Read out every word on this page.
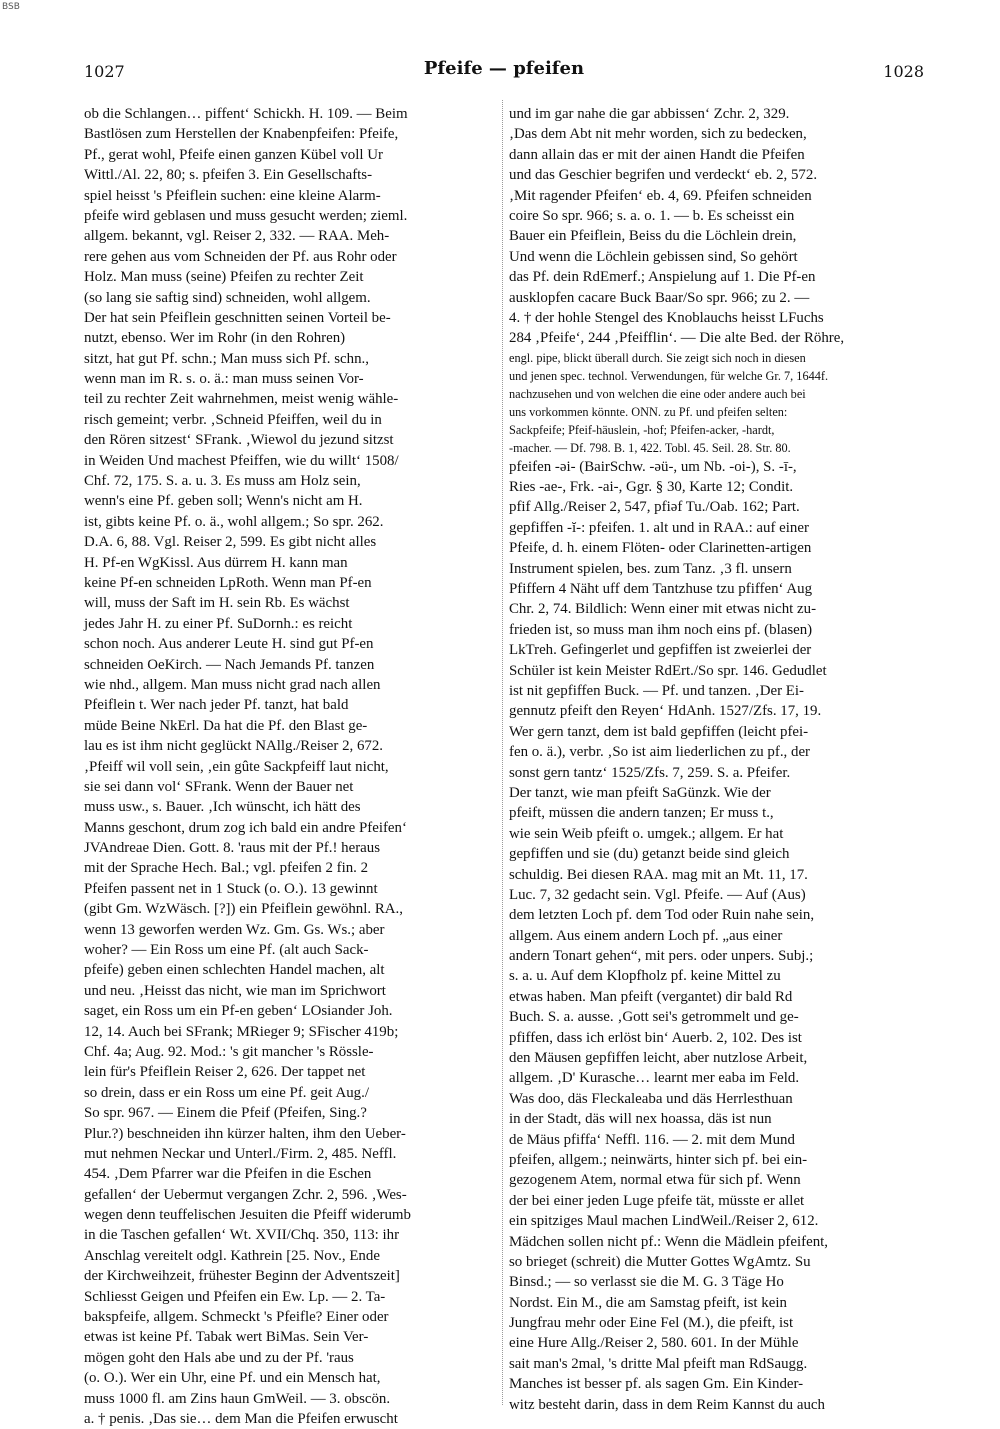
BSB
1027	Pfeife — pfeifen	1028
ob die Schlangen… piffent‘ Schickh. H. 109. — Beim
Bastlösen zum Herstellen der Knabenpfeifen: Pfeife,
Pf., gerat wohl, Pfeife einen ganzen Kübel voll Ur
Wittl./Al. 22, 80; s. pfeifen 3. Ein Gesellschafts-
spiel heisst 's Pfeiflein suchen: eine kleine Alarm-
pfeife wird geblasen und muss gesucht werden; zieml.
allgem. bekannt, vgl. Reiser 2, 332. — RAA. Meh-
rere gehen aus vom Schneiden der Pf. aus Rohr oder
Holz. Man muss (seine) Pfeifen zu rechter Zeit
(so lang sie saftig sind) schneiden, wohl allgem.
Der hat sein Pfeiflein geschnitten seinen Vorteil be-
nutzt, ebenso. Wer im Rohr (in den Rohren)
sitzt, hat gut Pf. schn.; Man muss sich Pf. schn.,
wenn man im R. s. o. ä.: man muss seinen Vor-
teil zu rechter Zeit wahrnehmen, meist wenig wähle-
risch gemeint; verbr. ‚Schneid Pfeiffen, weil du in
den Rören sitzest‘ SFrank. ‚Wiewol du jezund sitzst
in Weiden Und machest Pfeiffen, wie du willt‘ 1508/
Chf. 72, 175. S. a. u. 3. Es muss am Holz sein,
wenn's eine Pf. geben soll; Wenn's nicht am H.
ist, gibts keine Pf. o. ä., wohl allgem.; So spr. 262.
D.A. 6, 88. Vgl. Reiser 2, 599. Es gibt nicht alles
H. Pf-en WgKissl. Aus dürrem H. kann man
keine Pf-en schneiden LpRoth. Wenn man Pf-en
will, muss der Saft im H. sein Rb. Es wächst
jedes Jahr H. zu einer Pf. SuDornh.: es reicht
schon noch. Aus anderer Leute H. sind gut Pf-en
schneiden OeKirch. — Nach Jemands Pf. tanzen
wie nhd., allgem. Man muss nicht grad nach allen
Pfeiflein t. Wer nach jeder Pf. tanzt, hat bald
müde Beine NkErl. Da hat die Pf. den Blast ge-
lau es ist ihm nicht geglückt NAllg./Reiser 2, 672.
‚Pfeiff wil voll sein, ‚ein gûte Sackpfeiff laut nicht,
sie sei dann vol‘ SFrank. Wenn der Bauer net
muss usw., s. Bauer. ‚Ich wünscht, ich hätt des
Manns geschont, drum zog ich bald ein andre Pfeifen‘
JVAndreae Dien. Gott. 8. 'raus mit der Pf.! heraus
mit der Sprache Hech. Bal.; vgl. pfeifen 2 fin. 2
Pfeifen passent net in 1 Stuck (o. O.). 13 gewinnt
(gibt Gm. WzWäsch. [?]) ein Pfeiflein gewöhnl. RA.,
wenn 13 geworfen werden Wz. Gm. Gs. Ws.; aber
woher? — Ein Ross um eine Pf. (alt auch Sack-
pfeife) geben einen schlechten Handel machen, alt
und neu. ‚Heisst das nicht, wie man im Sprichwort
saget, ein Ross um ein Pf-en geben‘ LOsiander Joh.
12, 14. Auch bei SFrank; MRieger 9; SFischer 419b;
Chf. 4a; Aug. 92. Mod.: 's git mancher 's Rössle-
lein für's Pfeiflein Reiser 2, 626. Der tappet net
so drein, dass er ein Ross um eine Pf. geit Aug./
So spr. 967. — Einem die Pfeif (Pfeifen, Sing.?
Plur.?) beschneiden ihn kürzer halten, ihm den Ueber-
mut nehmen Neckar und Unterl./Firm. 2, 485. Neffl.
454. ‚Dem Pfarrer war die Pfeifen in die Eschen
gefallen‘ der Uebermut vergangen Zchr. 2, 596. ‚Wes-
wegen denn teuffelischen Jesuiten die Pfeiff widerumb
in die Taschen gefallen‘ Wt. XVII/Chq. 350, 113: ihr
Anschlag vereitelt odgl. Kathrein [25. Nov., Ende
der Kirchweihzeit, frühester Beginn der Adventszeit]
Schliesst Geigen und Pfeifen ein Ew. Lp. — 2. Ta-
bakspfeife, allgem. Schmeckt 's Pfeifle? Einer oder
etwas ist keine Pf. Tabak wert BiMas. Sein Ver-
mögen goht den Hals abe und zu der Pf. 'raus
(o. O.). Wer ein Uhr, eine Pf. und ein Mensch hat,
muss 1000 fl. am Zins haun GmWeil. — 3. obscön.
a. † penis. ‚Das sie… dem Man die Pfeifen erwuscht
und im gar nahe die gar abbissen‘ Zchr. 2, 329.
‚Das dem Abt nit mehr worden, sich zu bedecken,
dann allain das er mit der ainen Handt die Pfeifen
und das Geschier begrifen und verdeckt‘ eb. 2, 572.
‚Mit ragender Pfeifen‘ eb. 4, 69. Pfeifen schneiden
coire So spr. 966; s. a. o. 1. — b. Es scheisst ein
Bauer ein Pfeiflein, Beiss du die Löchlein drein,
Und wenn die Löchlein gebissen sind, So gehört
das Pf. dein RdEmerf.; Anspielung auf 1. Die Pf-en
ausklopfen cacare Buck Baar/So spr. 966; zu 2. —
4. † der hohle Stengel des Knoblauchs heisst LFuchs
284 ‚Pfeife‘, 244 ‚Pfeifflin‘. — Die alte Bed. der Röhre,
engl. pipe, blickt überall durch. Sie zeigt sich noch in diesen
und jenen spec. technol. Verwendungen, für welche Gr. 7, 1644f.
nachzusehen und von welchen die eine oder andere auch bei
uns vorkommen könnte. ONN. zu Pf. und pfeifen selten:
Sackpfeife; Pfeif-häuslein, -hof; Pfeifen-acker, -hardt,
-macher. — Df. 798. B. 1, 422. Tobl. 45. Seil. 28. Str. 80.
pfeifen -əi- (BairSchw. -əü-, um Nb. -oi-), S. -ī-,
Ries -ae-, Frk. -ai-, Ggr. § 30, Karte 12; Condit.
pfif Allg./Reiser 2, 547, pfiəf Tu./Oab. 162; Part.
gepfiffen -ĭ-: pfeifen. 1. alt und in RAA.: auf einer
Pfeife, d. h. einem Flöten- oder Clarinetten-artigen
Instrument spielen, bes. zum Tanz. ‚3 fl. unsern
Pfiffern 4 Näht uff dem Tantzhuse tzu pfiffen‘ Aug
Chr. 2, 74. Bildlich: Wenn einer mit etwas nicht zu-
frieden ist, so muss man ihm noch eins pf. (blasen)
LkTreh. Gefingerlet und gepfiffen ist zweierlei der
Schüler ist kein Meister RdErt./So spr. 146. Gedudlet
ist nit gepfiffen Buck. — Pf. und tanzen. ‚Der Ei-
gennutz pfeift den Reyen‘ HdAnh. 1527/Zfs. 17, 19.
Wer gern tanzt, dem ist bald gepfiffen (leicht pfei-
fen o. ä.), verbr. ‚So ist aim liederlichen zu pf., der
sonst gern tantz‘ 1525/Zfs. 7, 259. S. a. Pfeifer.
Der tanzt, wie man pfeift SaGünzk. Wie der
pfeift, müssen die andern tanzen; Er muss t.,
wie sein Weib pfeift o. umgek.; allgem. Er hat
gepfiffen und sie (du) getanzt beide sind gleich
schuldig. Bei diesen RAA. mag mit an Mt. 11, 17.
Luc. 7, 32 gedacht sein. Vgl. Pfeife. — Auf (Aus)
dem letzten Loch pf. dem Tod oder Ruin nahe sein,
allgem. Aus einem andern Loch pf. „aus einer
andern Tonart gehen“, mit pers. oder unpers. Subj.;
s. a. u. Auf dem Klopfholz pf. keine Mittel zu
etwas haben. Man pfeift (vergantet) dir bald Rd
Buch. S. a. ausse. ‚Gott sei's getrommelt und ge-
pfiffen, dass ich erlöst bin‘ Auerb. 2, 102. Des ist
den Mäusen gepfiffen leicht, aber nutzlose Arbeit,
allgem. ‚D' Kurasche… learnt mer eaba im Feld.
Was doo, däs Fleckaleaba und däs Herrlesthuan
in der Stadt, däs will nex hoassa, däs ist nun
de Mäus pfiffa‘ Neffl. 116. — 2. mit dem Mund
pfeifen, allgem.; neinwärts, hinter sich pf. bei ein-
gezogenem Atem, normal etwa für sich pf. Wenn
der bei einer jeden Luge pfeife tät, müsste er allet
ein spitziges Maul machen LindWeil./Reiser 2, 612.
Mädchen sollen nicht pf.: Wenn die Mädlein pfeifent,
so brieget (schreit) die Mutter Gottes WgAmtz. Su
Binsd.; — so verlasst sie die M. G. 3 Täge Ho
Nordst. Ein M., die am Samstag pfeift, ist kein
Jungfrau mehr oder Eine Fel (M.), die pfeift, ist
eine Hure Allg./Reiser 2, 580. 601. In der Mühle
sait man's 2mal, 's dritte Mal pfeift man RdSaugg.
Manches ist besser pf. als sagen Gm. Ein Kinder-
witz besteht darin, dass in dem Reim Kannst du auch
